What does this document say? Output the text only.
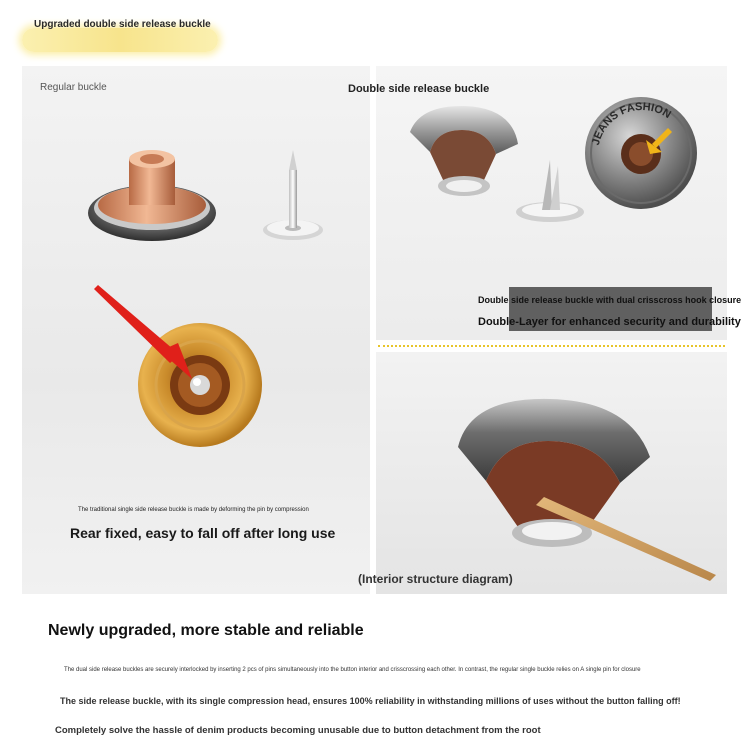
Upgraded double side release buckle
JEANS FASHION
Double side release buckle with dual crisscross hook closure
Double-Layer for enhanced security and durability
Regular buckle	Double side release buckle
The traditional single side release buckle is made by deforming the pin by compression
Rear fixed, easy to fall off after long use
(Interior structure diagram)
Newly upgraded, more stable and reliable
The dual side release buckles are securely interlocked by inserting 2 pcs of pins simultaneously into the button interior and crisscrossing each other. In contrast, the regular single buckle relies on A single pin for closure
The side release buckle, with its single compression head, ensures 100% reliability in withstanding millions of uses without the button falling off!
Completely solve the hassle of denim products becoming unusable due to button detachment from the root
